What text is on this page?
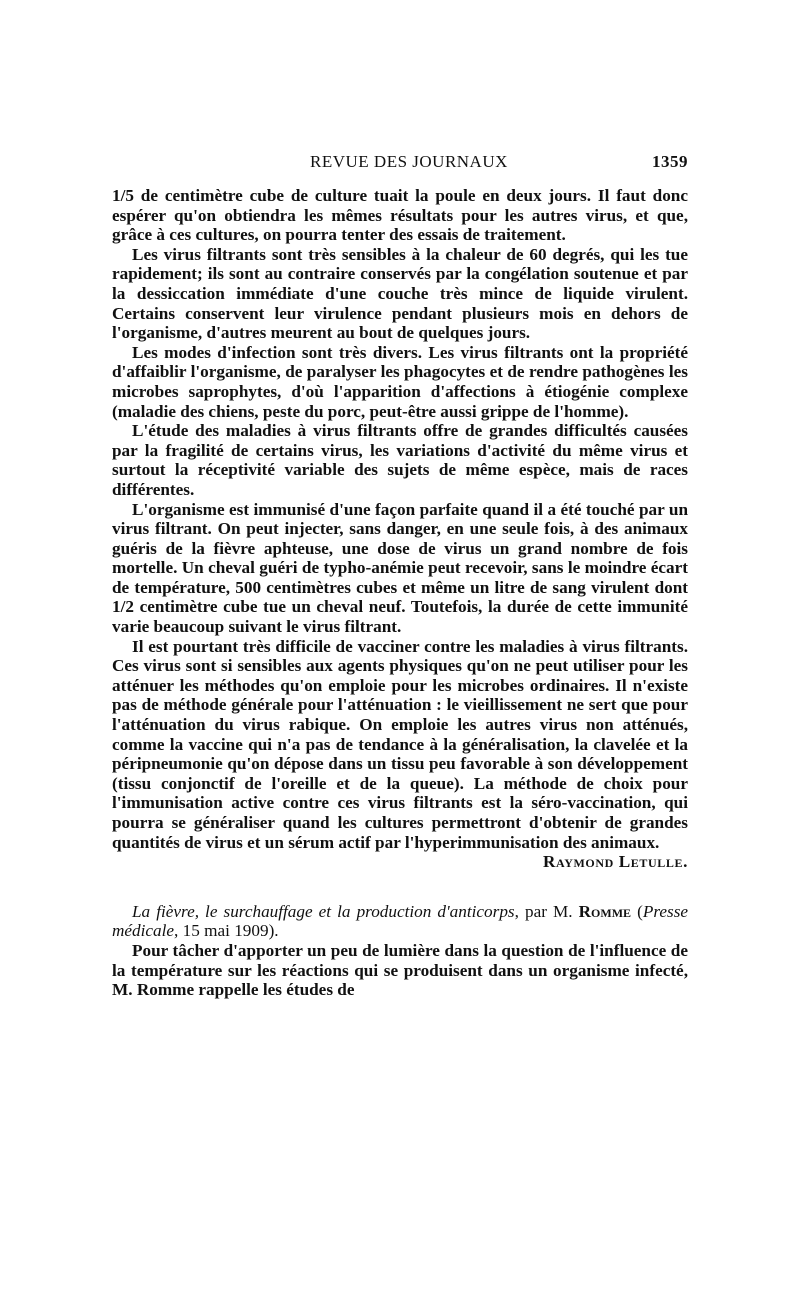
REVUE DES JOURNAUX	1359

1/5 de centimètre cube de culture tuait la poule en deux jours. Il faut donc espérer qu'on obtiendra les mêmes résultats pour les autres virus, et que, grâce à ces cultures, on pourra tenter des essais de traitement.

Les virus filtrants sont très sensibles à la chaleur de 60 degrés, qui les tue rapidement; ils sont au contraire conservés par la congélation soutenue et par la dessiccation immédiate d'une couche très mince de liquide virulent. Certains conservent leur virulence pendant plusieurs mois en dehors de l'organisme, d'autres meurent au bout de quelques jours.

Les modes d'infection sont très divers. Les virus filtrants ont la propriété d'affaiblir l'organisme, de paralyser les phagocytes et de rendre pathogènes les microbes saprophytes, d'où l'apparition d'affections à étiogénie complexe (maladie des chiens, peste du porc, peut-être aussi grippe de l'homme).

L'étude des maladies à virus filtrants offre de grandes difficultés causées par la fragilité de certains virus, les variations d'activité du même virus et surtout la réceptivité variable des sujets de même espèce, mais de races différentes.

L'organisme est immunisé d'une façon parfaite quand il a été touché par un virus filtrant. On peut injecter, sans danger, en une seule fois, à des animaux guéris de la fièvre aphteuse, une dose de virus un grand nombre de fois mortelle. Un cheval guéri de typho-anémie peut recevoir, sans le moindre écart de température, 500 centimètres cubes et même un litre de sang virulent dont 1/2 centimètre cube tue un cheval neuf. Toutefois, la durée de cette immunité varie beaucoup suivant le virus filtrant.

Il est pourtant très difficile de vacciner contre les maladies à virus filtrants. Ces virus sont si sensibles aux agents physiques qu'on ne peut utiliser pour les atténuer les méthodes qu'on emploie pour les microbes ordinaires. Il n'existe pas de méthode générale pour l'atténuation : le vieillissement ne sert que pour l'atténuation du virus rabique. On emploie les autres virus non atténués, comme la vaccine qui n'a pas de tendance à la généralisation, la clavelée et la péripneumonie qu'on dépose dans un tissu peu favorable à son développement (tissu conjonctif de l'oreille et de la queue). La méthode de choix pour l'immunisation active contre ces virus filtrants est la séro-vaccination, qui pourra se généraliser quand les cultures permettront d'obtenir de grandes quantités de virus et un sérum actif par l'hyperimmunisation des animaux.

Raymond Letulle.

La fièvre, le surchauffage et la production d'anticorps, par M. Romme (Presse médicale, 15 mai 1909).

Pour tâcher d'apporter un peu de lumière dans la question de l'influence de la température sur les réactions qui se produisent dans un organisme infecté, M. Romme rappelle les études de
